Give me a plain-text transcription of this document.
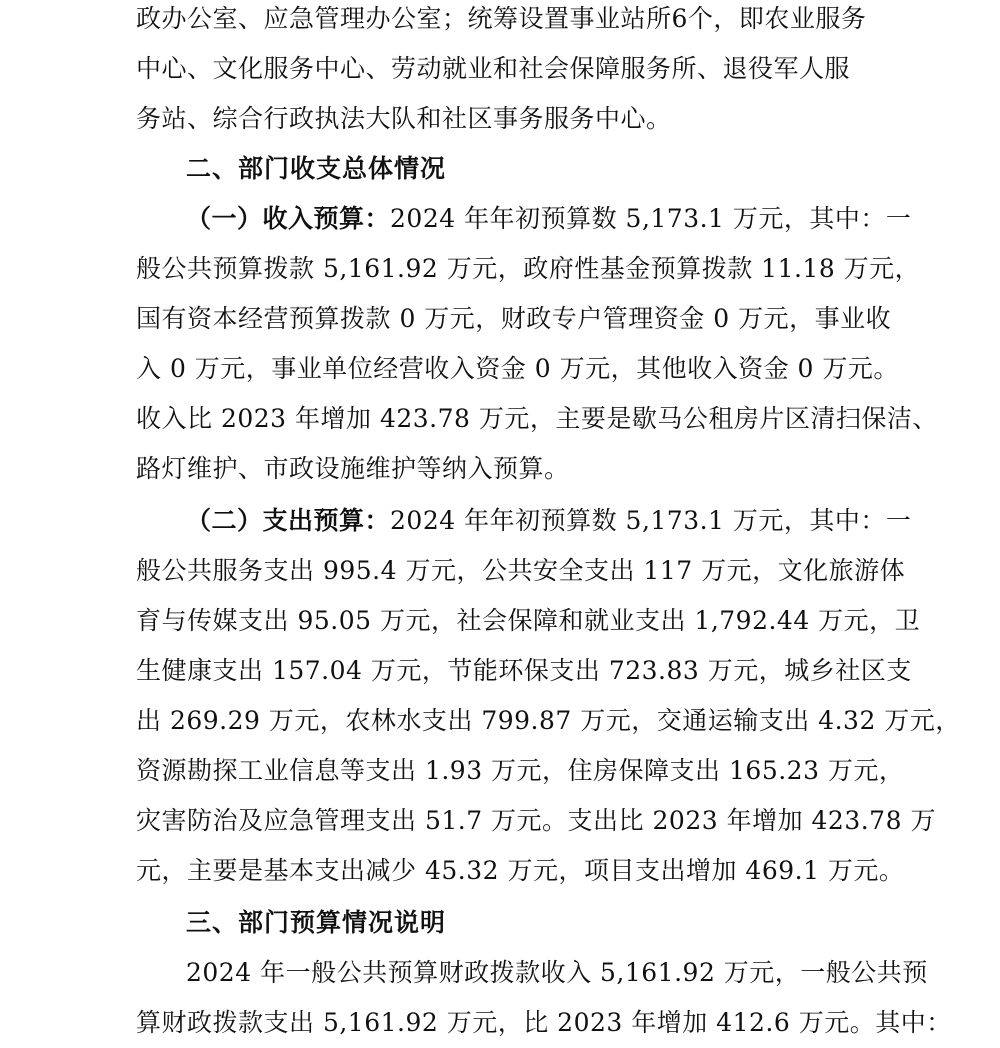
政办公室、应急管理办公室；统筹设置事业站所6个，即农业服务
中心、文化服务中心、劳动就业和社会保障服务所、退役军人服
务站、综合行政执法大队和社区事务服务中心。
二、部门收支总体情况
（一）收入预算：2024 年年初预算数 5,173.1 万元，其中：一
般公共预算拨款 5,161.92 万元，政府性基金预算拨款 11.18 万元，
国有资本经营预算拨款 0 万元，财政专户管理资金 0 万元，事业收
入 0 万元，事业单位经营收入资金 0 万元，其他收入资金 0 万元。
收入比 2023 年增加 423.78 万元，主要是歇马公租房片区清扫保洁、
路灯维护、市政设施维护等纳入预算。
（二）支出预算：2024 年年初预算数 5,173.1 万元，其中：一
般公共服务支出 995.4 万元，公共安全支出 117 万元，文化旅游体
育与传媒支出 95.05 万元，社会保障和就业支出 1,792.44 万元，卫
生健康支出 157.04 万元，节能环保支出 723.83 万元，城乡社区支
出 269.29 万元，农林水支出 799.87 万元，交通运输支出 4.32 万元，
资源勘探工业信息等支出 1.93 万元，住房保障支出 165.23 万元，
灾害防治及应急管理支出 51.7 万元。支出比 2023 年增加 423.78 万
元，主要是基本支出减少 45.32 万元，项目支出增加 469.1 万元。
三、部门预算情况说明
2024 年一般公共预算财政拨款收入 5,161.92 万元，一般公共预
算财政拨款支出 5,161.92 万元，比 2023 年增加 412.6 万元。其中：
